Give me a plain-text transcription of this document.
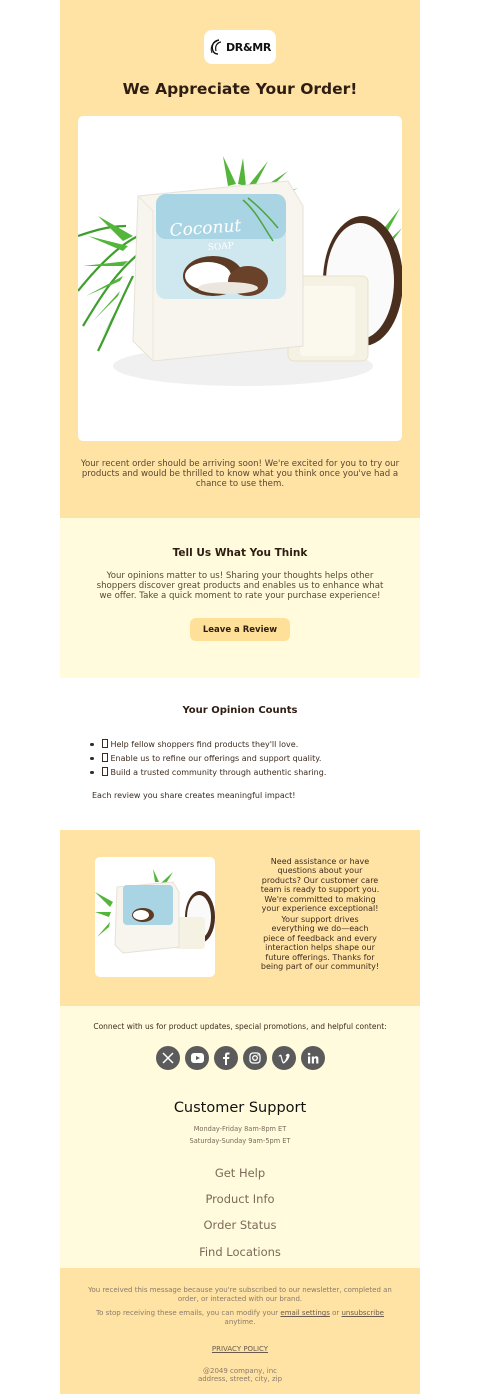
DR&MR
We Appreciate Your Order!
Coconut
SOAP
Your recent order should be arriving soon! We're excited for you to try our products and would be thrilled to know what you think once you've had a chance to use them.
Tell Us What You Think
Your opinions matter to us! Sharing your thoughts helps other shoppers discover great products and enables us to enhance what we offer. Take a quick moment to rate your purchase experience!
Leave a Review
Your Opinion Counts
Help fellow shoppers find products they'll love.
Enable us to refine our offerings and support quality.
Build a trusted community through authentic sharing.
Each review you share creates meaningful impact!
Need assistance or have questions about your products? Our customer care team is ready to support you. We're committed to making your experience exceptional!
Your support drives everything we do—each piece of feedback and every interaction helps shape our future offerings. Thanks for being part of our community!
Connect with us for product updates, special promotions, and helpful content:
Customer Support
Monday-Friday 8am-8pm ET
Saturday-Sunday 9am-5pm ET
Get Help
Product Info
Order Status
Find Locations
You received this message because you're subscribed to our newsletter, completed an order, or interacted with our brand.
To stop receiving these emails, you can modify your email settings or unsubscribe anytime.
PRIVACY POLICY
@2049 company, inc
address, street, city, zip
